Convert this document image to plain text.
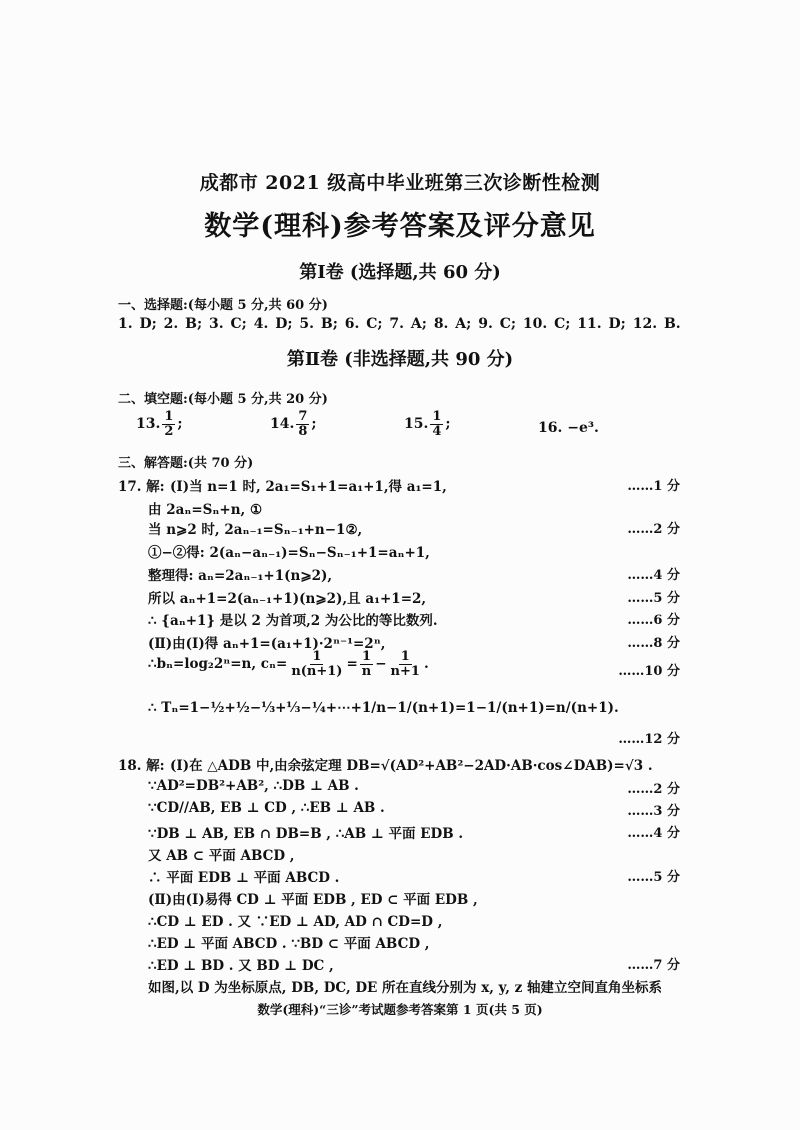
成都市 2021 级高中毕业班第三次诊断性检测
数学(理科)参考答案及评分意见
第Ⅰ卷 (选择题,共 60 分)
一、选择题:(每小题 5 分,共 60 分)
1. D; 2. B; 3. C; 4. D; 5. B; 6. C; 7. A; 8. A; 9. C; 10. C; 11. D; 12. B.
第Ⅱ卷 (非选择题,共 90 分)
二、填空题:(每小题 5 分,共 20 分)
13. $\frac{1}{2}$ ;	14. $\frac{7}{8}$ ;	15. $\frac{1}{4}$ ;	16.
−e³.
三、解答题:(共 70 分)
17. 解: (Ⅰ)当 n=1 时, 2a₁=S₁+1=a₁+1,得 a₁=1,	……1 分
由 2aₙ=Sₙ+n, ①
当 n⩾2 时, 2aₙ₋₁=Sₙ₋₁+n−1②,	……2 分
①−②得: 2(aₙ−aₙ₋₁)=Sₙ−Sₙ₋₁+1=aₙ+1,
整理得: aₙ=2aₙ₋₁+1(n⩾2),	……4 分
所以 aₙ+1=2(aₙ₋₁+1)(n⩾2),且 a₁+1=2,	……5 分
∴ {aₙ+1} 是以 2 为首项,2 为公比的等比数列.	……6 分
(Ⅱ)由(Ⅰ)得 aₙ+1=(a₁+1)·2ⁿ⁻¹=2ⁿ,	……8 分
∴bₙ=log₂2ⁿ=n, $c_n= \frac{1}{n(n+1)} = \frac{1}{n} - \frac{1}{n+1}$ .	……10 分
∴ Tₙ=1−½+½−⅓+⅓−¼+⋯+1/n−1/(n+1)=1−1/(n+1)=n/(n+1).
……12 分
18. 解: (Ⅰ)在 △ADB 中,由余弦定理 DB=√(AD²+AB²−2AD·AB·cos∠DAB)=√3 .
∵AD²=DB²+AB², ∴DB ⊥ AB .	……2 分
∵CD//AB, EB ⊥ CD , ∴EB ⊥ AB .	……3 分
∵DB ⊥ AB, EB ∩ DB=B , ∴AB ⊥ 平面 EDB .	……4 分
又 AB ⊂ 平面 ABCD ,
∴ 平面 EDB ⊥ 平面 ABCD .	……5 分
(Ⅱ)由(Ⅰ)易得 CD ⊥ 平面 EDB , ED ⊂ 平面 EDB ,
∴CD ⊥ ED . 又 ∵ED ⊥ AD, AD ∩ CD=D ,
∴ED ⊥ 平面 ABCD . ∵BD ⊂ 平面 ABCD ,
∴ED ⊥ BD . 又 BD ⊥ DC ,	……7 分
如图,以 D 为坐标原点, DB, DC, DE 所在直线分别为 x, y, z 轴建立空间直角坐标系
数学(理科)“三诊”考试题参考答案第 1 页(共 5 页)
